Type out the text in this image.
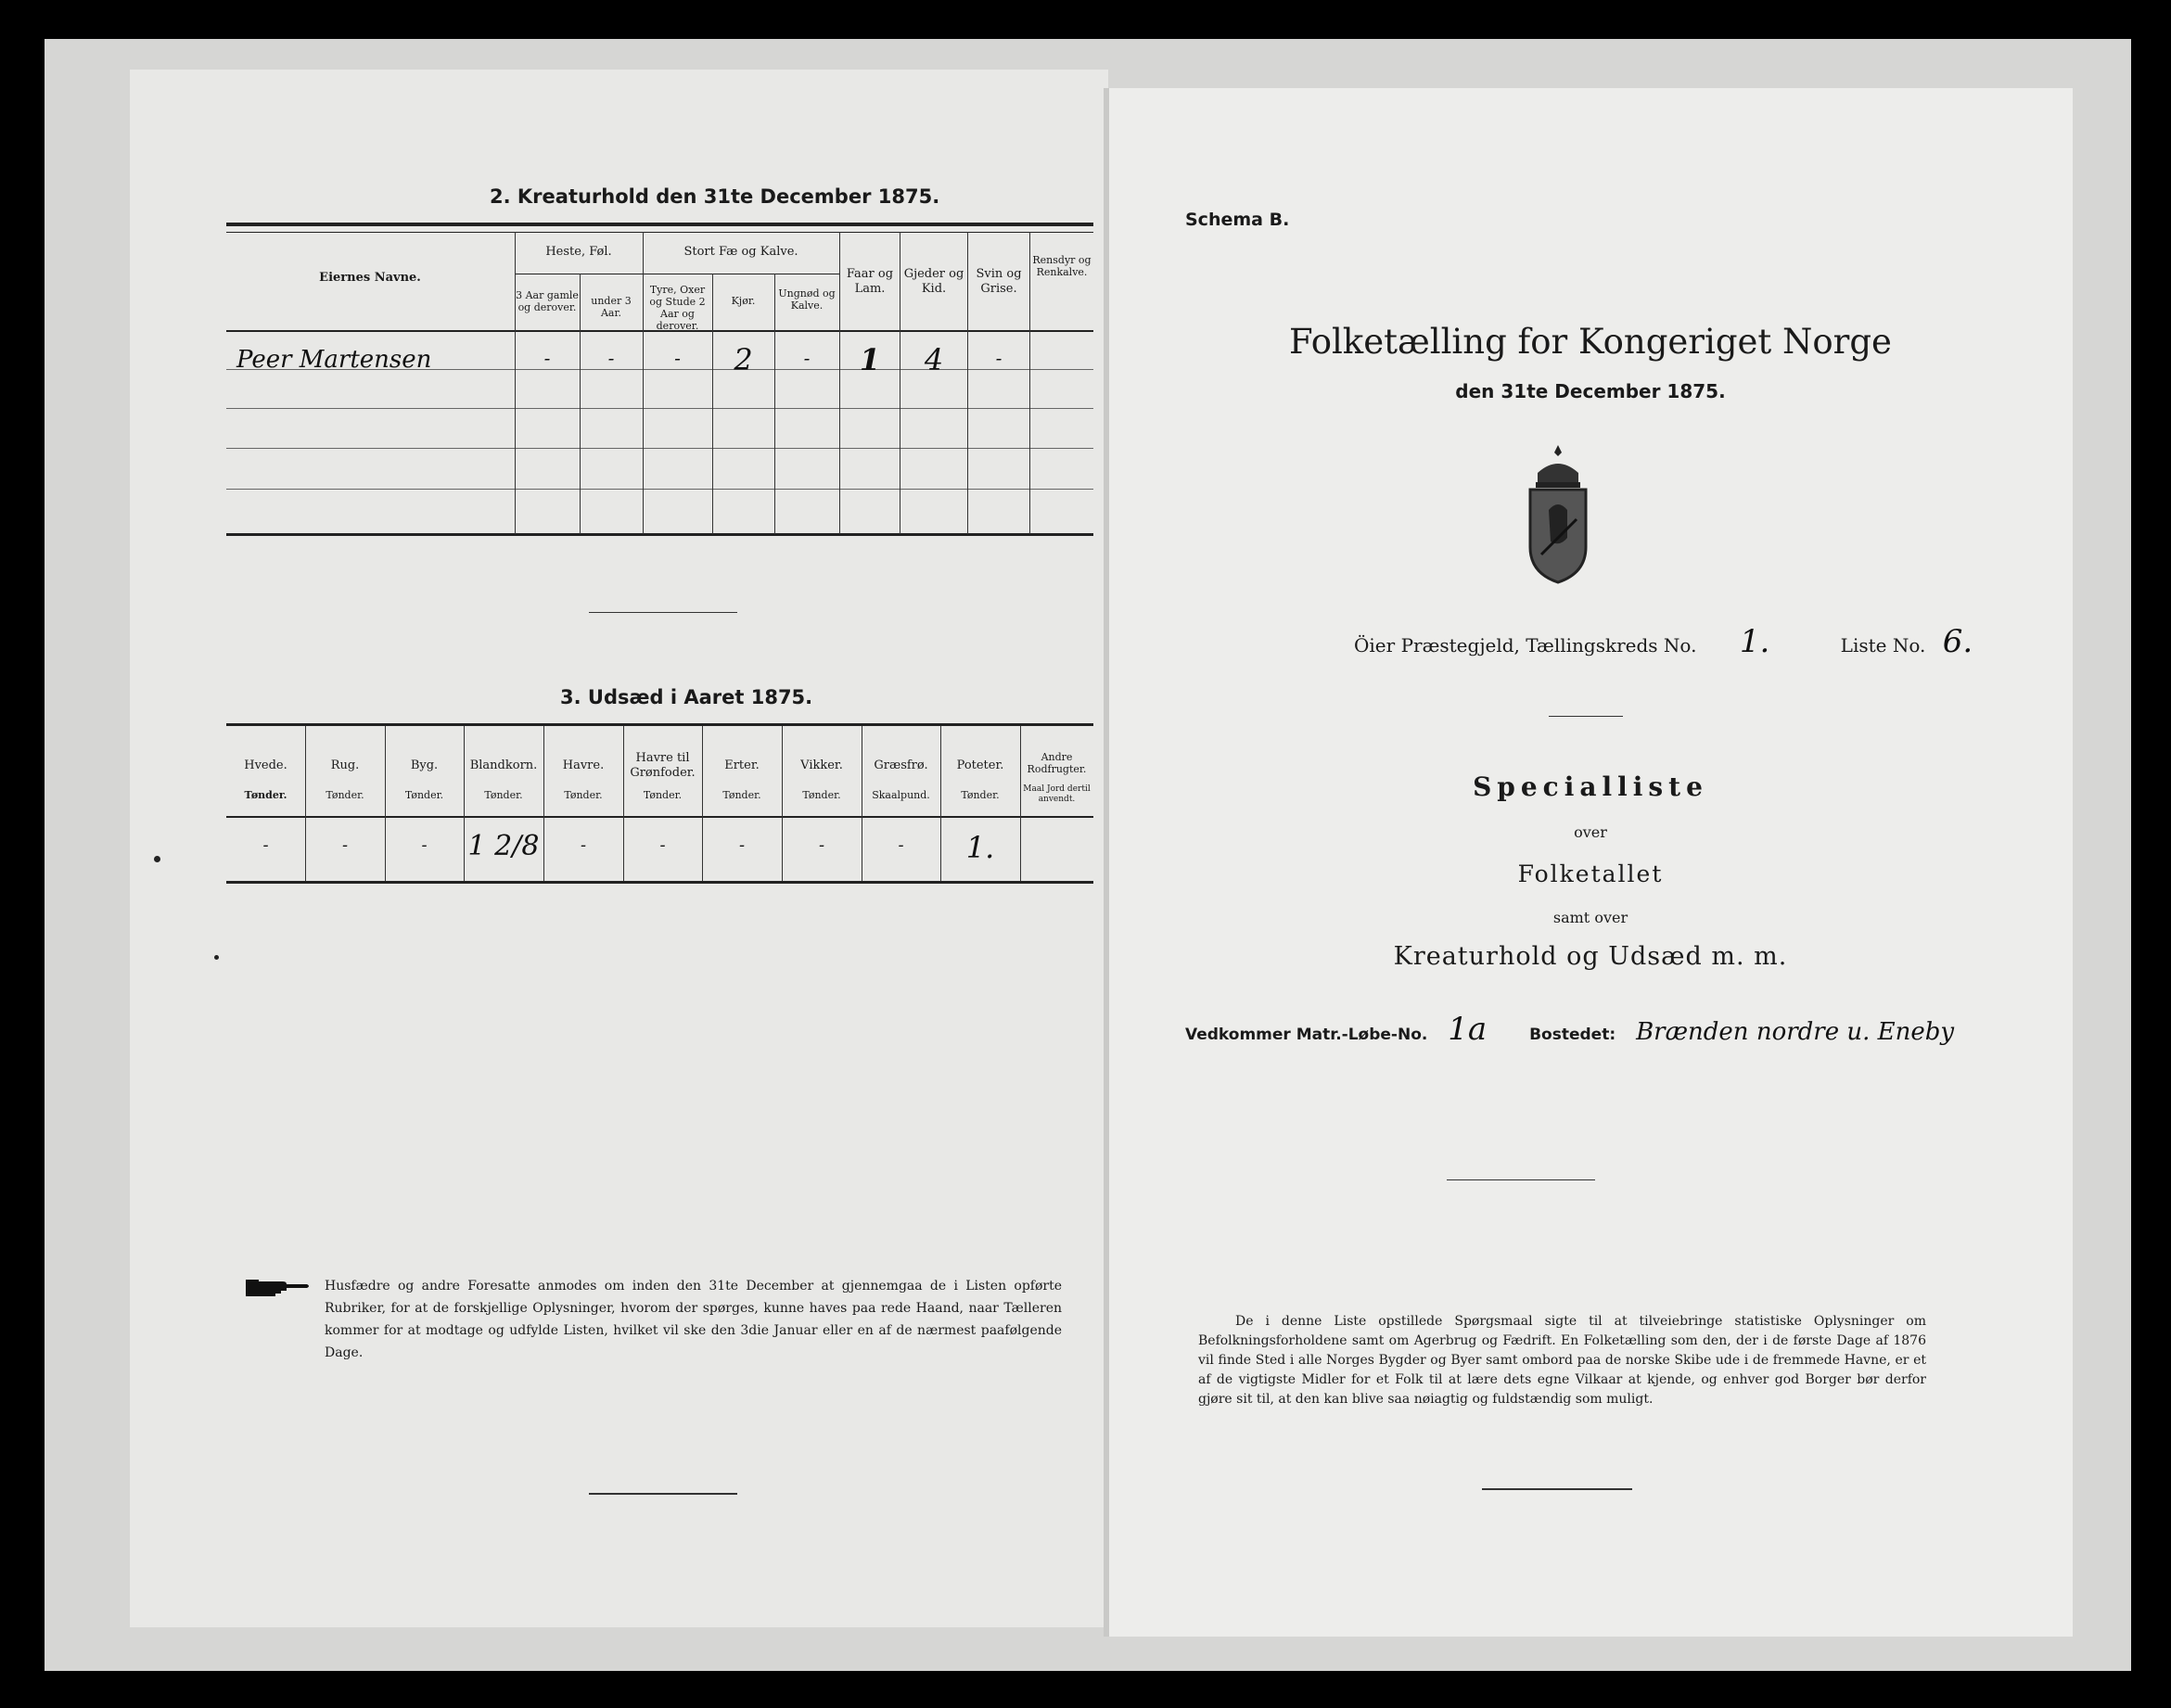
2. Kreaturhold den 31te December 1875.
Eiernes Navne.
Heste, Føl.
3 Aar gamle og derover.
under 3 Aar.
Stort Fæ og Kalve.
Tyre, Oxer og Stude 2 Aar og derover.
Kjør.
Ungnød og Kalve.
Faar og Lam.
Gjeder og Kid.
Svin og Grise.
Rensdyr og Renkalve.
Peer Martensen	-	-	-	2	-	1	4	-
3. Udsæd i Aaret 1875.
Hvede.
Tønder.
Rug.
Tønder.
Byg.
Tønder.
Blandkorn.
Tønder.
Havre.
Tønder.
Havre til Grønfoder.
Tønder.
Erter.
Tønder.
Vikker.
Tønder.
Græsfrø.
Skaalpund.
Poteter.
Tønder.
Andre Rodfrugter.
Maal Jord dertil anvendt.
-	-	-	1 2/8	-	-	-	-	-	1.
Husfædre og andre Foresatte anmodes om inden den 31te December at gjennemgaa de i Listen opførte Rubriker, for at de forskjellige Oplysninger, hvorom der spørges, kunne haves paa rede Haand, naar Tælleren kommer for at modtage og udfylde Listen, hvilket vil ske den 3die Januar eller en af de nærmest paafølgende Dage.
Schema B.
Folketælling for Kongeriget Norge
den 31te December 1875.
Öier Præstegjeld, Tællingskreds No. 1.	Liste No. 6.
Specialliste
over
Folketallet
samt over
Kreaturhold og Udsæd m. m.
Vedkommer Matr.-Løbe-No. 1a	Bostedet: Brænden nordre u. Eneby
De i denne Liste opstillede Spørgsmaal sigte til at tilveiebringe statistiske Oplysninger om Befolkningsforholdene samt om Agerbrug og Fædrift. En Folketælling som den, der i de første Dage af 1876 vil finde Sted i alle Norges Bygder og Byer samt ombord paa de norske Skibe ude i de fremmede Havne, er et af de vigtigste Midler for et Folk til at lære dets egne Vilkaar at kjende, og enhver god Borger bør derfor gjøre sit til, at den kan blive saa nøiagtig og fuldstændig som muligt.
